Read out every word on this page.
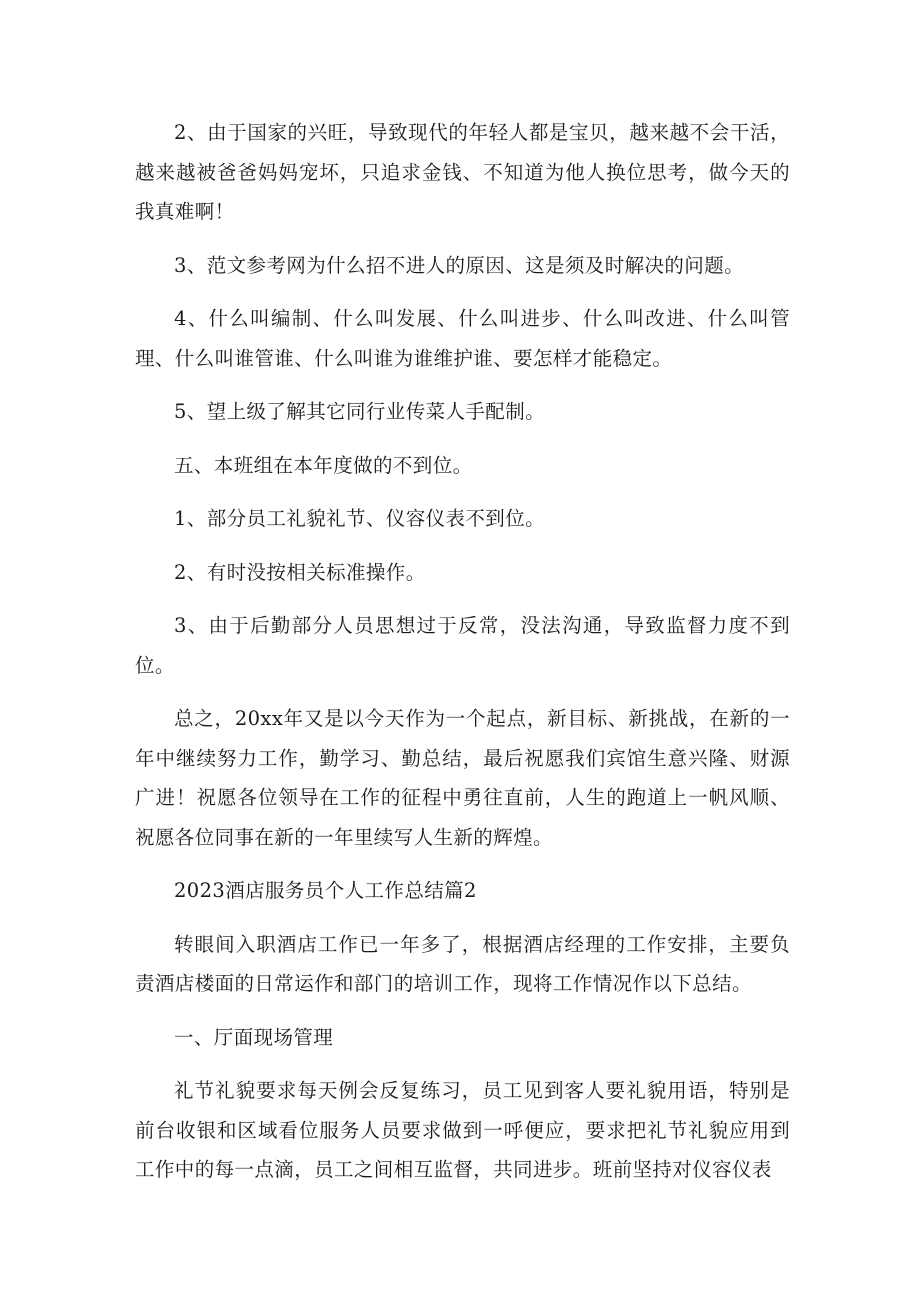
2、由于国家的兴旺，导致现代的年轻人都是宝贝，越来越不会干活，越来越被爸爸妈妈宠坏，只追求金钱、不知道为他人换位思考，做今天的我真难啊！

3、范文参考网为什么招不进人的原因、这是须及时解决的问题。

4、什么叫编制、什么叫发展、什么叫进步、什么叫改进、什么叫管理、什么叫谁管谁、什么叫谁为谁维护谁、要怎样才能稳定。

5、望上级了解其它同行业传菜人手配制。

五、本班组在本年度做的不到位。

1、部分员工礼貌礼节、仪容仪表不到位。

2、有时没按相关标准操作。

3、由于后勤部分人员思想过于反常，没法沟通，导致监督力度不到位。

总之，20xx年又是以今天作为一个起点，新目标、新挑战，在新的一年中继续努力工作，勤学习、勤总结，最后祝愿我们宾馆生意兴隆、财源广进！祝愿各位领导在工作的征程中勇往直前，人生的跑道上一帆风顺、祝愿各位同事在新的一年里续写人生新的辉煌。

2023酒店服务员个人工作总结篇2

转眼间入职酒店工作已一年多了，根据酒店经理的工作安排，主要负责酒店楼面的日常运作和部门的培训工作，现将工作情况作以下总结。

一、厅面现场管理

礼节礼貌要求每天例会反复练习，员工见到客人要礼貌用语，特别是前台收银和区域看位服务人员要求做到一呼便应，要求把礼节礼貌应用到工作中的每一点滴，员工之间相互监督，共同进步。班前坚持对仪容仪表
